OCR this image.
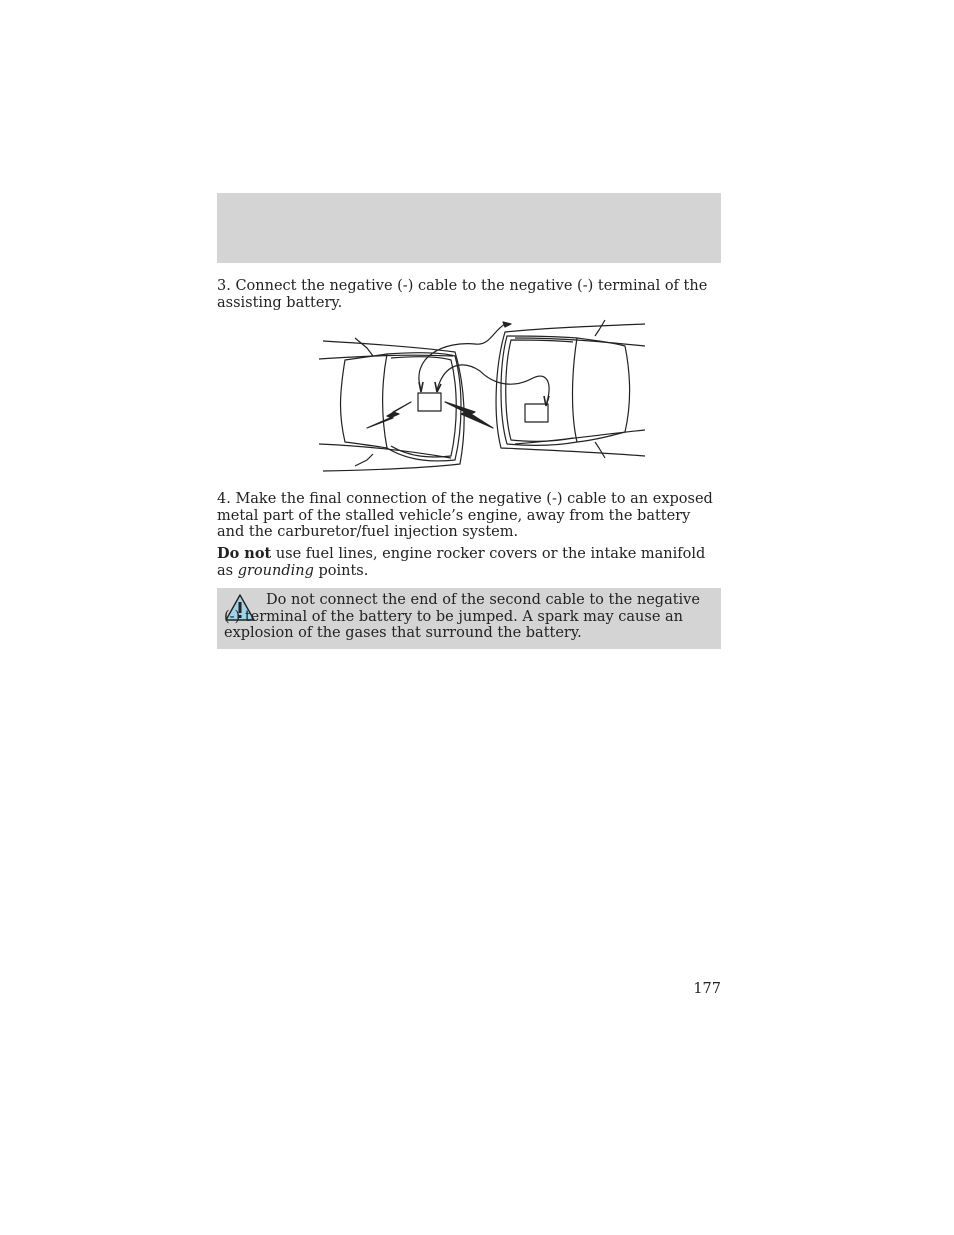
3. Connect the negative (-) cable to the negative (-) terminal of the assisting battery.

4. Make the final connection of the negative (-) cable to an exposed metal part of the stalled vehicle’s engine, away from the battery and the carburetor/fuel injection system.

Do not use fuel lines, engine rocker covers or the intake manifold as grounding points.

Do not connect the end of the second cable to the negative (-) terminal of the battery to be jumped. A spark may cause an explosion of the gases that surround the battery.

177
